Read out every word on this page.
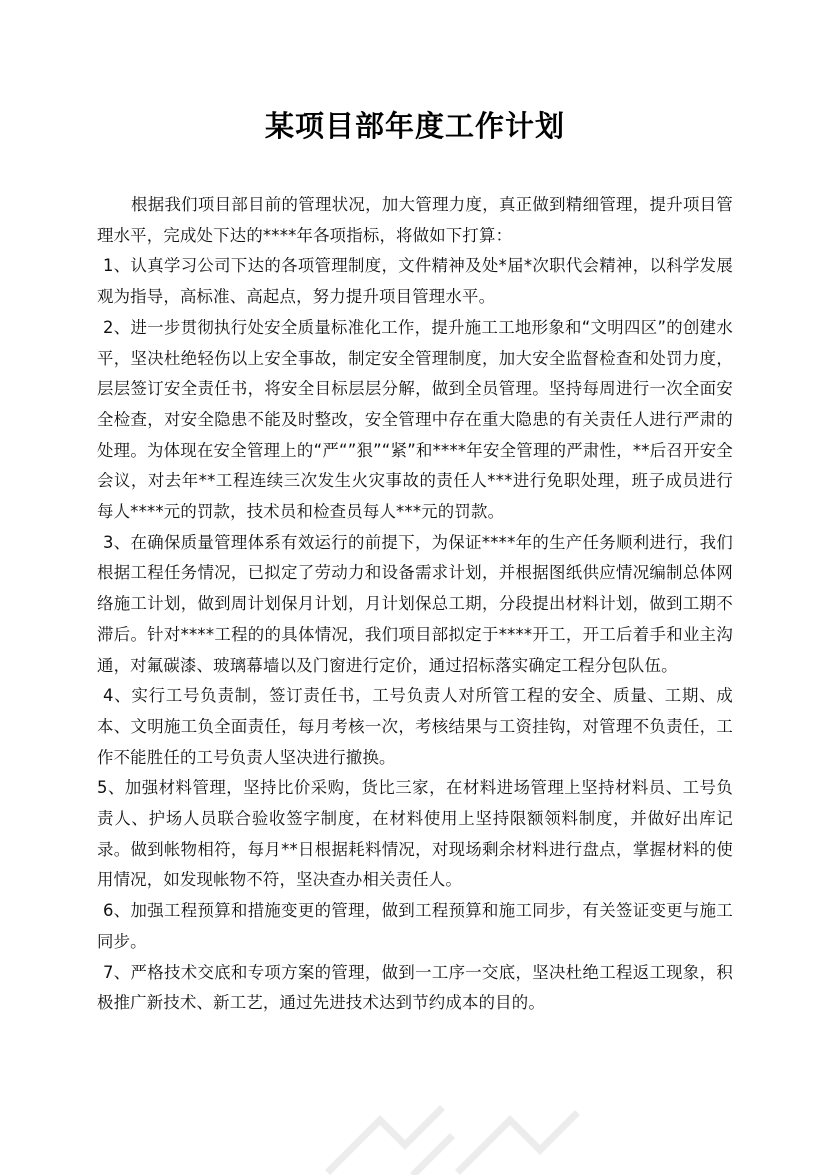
某项目部年度工作计划

根据我们项目部目前的管理状况，加大管理力度，真正做到精细管理，提升项目管理水平，完成处下达的****年各项指标，将做如下打算：

1、认真学习公司下达的各项管理制度，文件精神及处*届*次职代会精神，以科学发展观为指导，高标准、高起点，努力提升项目管理水平。

2、进一步贯彻执行处安全质量标准化工作，提升施工工地形象和“文明四区”的创建水平，坚决杜绝轻伤以上安全事故，制定安全管理制度，加大安全监督检查和处罚力度，层层签订安全责任书，将安全目标层层分解，做到全员管理。坚持每周进行一次全面安全检查，对安全隐患不能及时整改，安全管理中存在重大隐患的有关责任人进行严肃的处理。为体现在安全管理上的“严“”狠”“紧”和****年安全管理的严肃性，**后召开安全会议，对去年**工程连续三次发生火灾事故的责任人***进行免职处理，班子成员进行每人****元的罚款，技术员和检查员每人***元的罚款。

3、在确保质量管理体系有效运行的前提下，为保证****年的生产任务顺利进行，我们根据工程任务情况，已拟定了劳动力和设备需求计划，并根据图纸供应情况编制总体网络施工计划，做到周计划保月计划，月计划保总工期，分段提出材料计划，做到工期不滞后。针对****工程的的具体情况，我们项目部拟定于****开工，开工后着手和业主沟通，对氟碳漆、玻璃幕墙以及门窗进行定价，通过招标落实确定工程分包队伍。

4、实行工号负责制，签订责任书，工号负责人对所管工程的安全、质量、工期、成本、文明施工负全面责任，每月考核一次，考核结果与工资挂钩，对管理不负责任，工作不能胜任的工号负责人坚决进行撤换。

5、加强材料管理，坚持比价采购，货比三家，在材料进场管理上坚持材料员、工号负责人、护场人员联合验收签字制度，在材料使用上坚持限额领料制度，并做好出库记录。做到帐物相符，每月**日根据耗料情况，对现场剩余材料进行盘点，掌握材料的使用情况，如发现帐物不符，坚决查办相关责任人。

6、加强工程预算和措施变更的管理，做到工程预算和施工同步，有关签证变更与施工同步。

7、严格技术交底和专项方案的管理，做到一工序一交底，坚决杜绝工程返工现象，积极推广新技术、新工艺，通过先进技术达到节约成本的目的。
